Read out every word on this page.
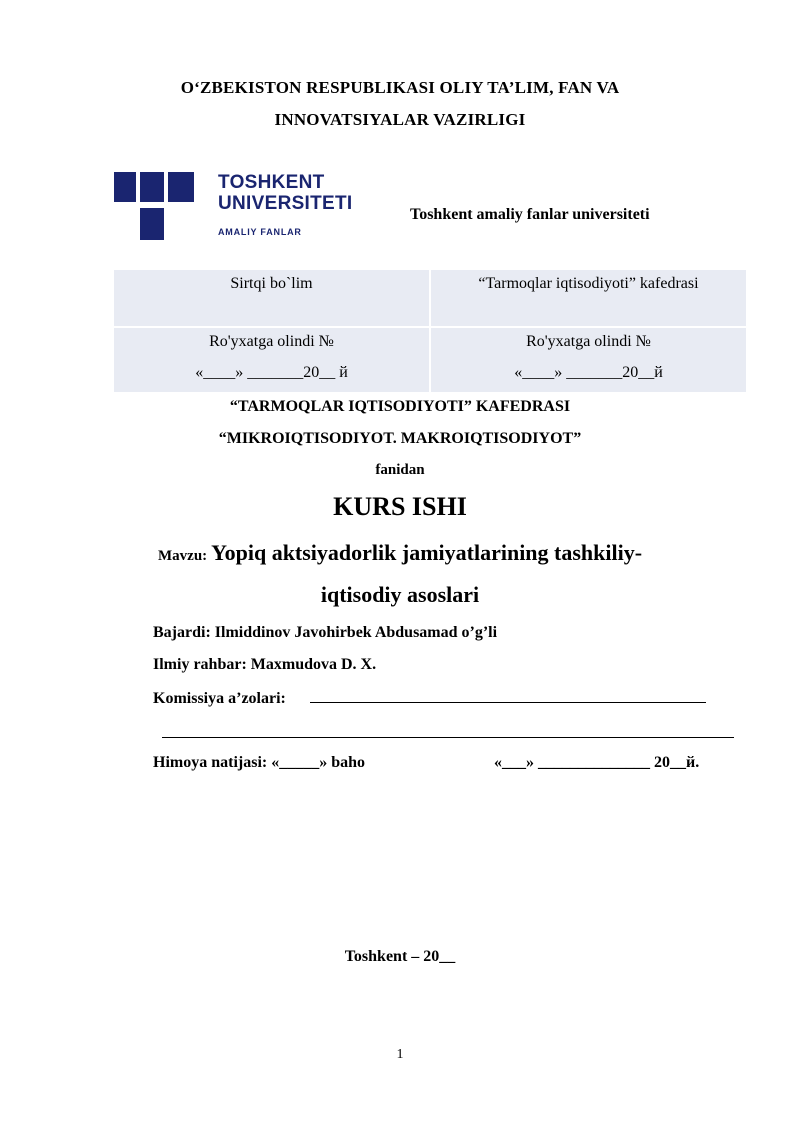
O‘ZBEKISTON RESPUBLIKASI OLIY TA’LIM, FAN VA
INNOVATSIYALAR VAZIRLIGI
TOSHKENT
UNIVERSITETI
AMALIY FANLAR
Toshkent amaliy fanlar universiteti
Sirtqi bo`lim	“Tarmoqlar iqtisodiyoti” kafedrasi
Ro'yxatga olindi №
«____» _______20__ й
Ro'yxatga olindi №
«____» _______20__й
“TARMOQLAR IQTISODIYOTI” KAFEDRASI
“MIKROIQTISODIYOT. MAKROIQTISODIYOT”
fanidan
KURS ISHI
Mavzu: Yopiq aktsiyadorlik jamiyatlarining tashkiliy-
iqtisodiy asoslari
Bajardi: Ilmiddinov Javohirbek Abdusamad o’g’li
Ilmiy rahbar: Maxmudova D. X.
Komissiya a’zolari:
Himoya natijasi: «_____» baho	«___» ______________ 20__й.
Toshkent – 20__
1
